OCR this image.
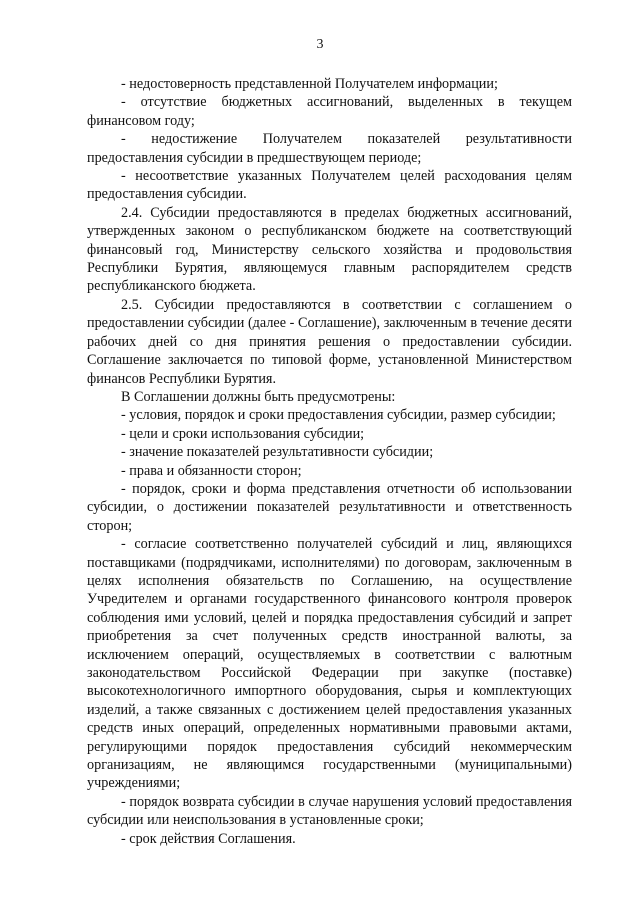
3

- недостоверность представленной Получателем информации;

- отсутствие бюджетных ассигнований, выделенных в текущем финансовом году;

- недостижение Получателем показателей результативности предоставления субсидии в предшествующем периоде;

- несоответствие указанных Получателем целей расходования целям предоставления субсидии.

2.4. Субсидии предоставляются в пределах бюджетных ассигнований, утвержденных законом о республиканском бюджете на соответствующий финансовый год, Министерству сельского хозяйства и продовольствия Республики Бурятия, являющемуся главным распорядителем средств республиканского бюджета.

2.5. Субсидии предоставляются в соответствии с соглашением о предоставлении субсидии (далее - Соглашение), заключенным в течение десяти рабочих дней со дня принятия решения о предоставлении субсидии. Соглашение заключается по типовой форме, установленной Министерством финансов Республики Бурятия.

В Соглашении должны быть предусмотрены:

- условия, порядок и сроки предоставления субсидии, размер субсидии;

- цели и сроки использования субсидии;

- значение показателей результативности субсидии;

- права и обязанности сторон;

- порядок, сроки и форма представления отчетности об использовании субсидии, о достижении показателей результативности и ответственность сторон;

- согласие соответственно получателей субсидий и лиц, являющихся поставщиками (подрядчиками, исполнителями) по договорам, заключенным в целях исполнения обязательств по Соглашению, на осуществление Учредителем и органами государственного финансового контроля проверок соблюдения ими условий, целей и порядка предоставления субсидий и запрет приобретения за счет полученных средств иностранной валюты, за исключением операций, осуществляемых в соответствии с валютным законодательством Российской Федерации при закупке (поставке) высокотехнологичного импортного оборудования, сырья и комплектующих изделий, а также связанных с достижением целей предоставления указанных средств иных операций, определенных нормативными правовыми актами, регулирующими порядок предоставления субсидий некоммерческим организациям, не являющимся государственными (муниципальными) учреждениями;

- порядок возврата субсидии в случае нарушения условий предоставления субсидии или неиспользования в установленные сроки;

- срок действия Соглашения.
